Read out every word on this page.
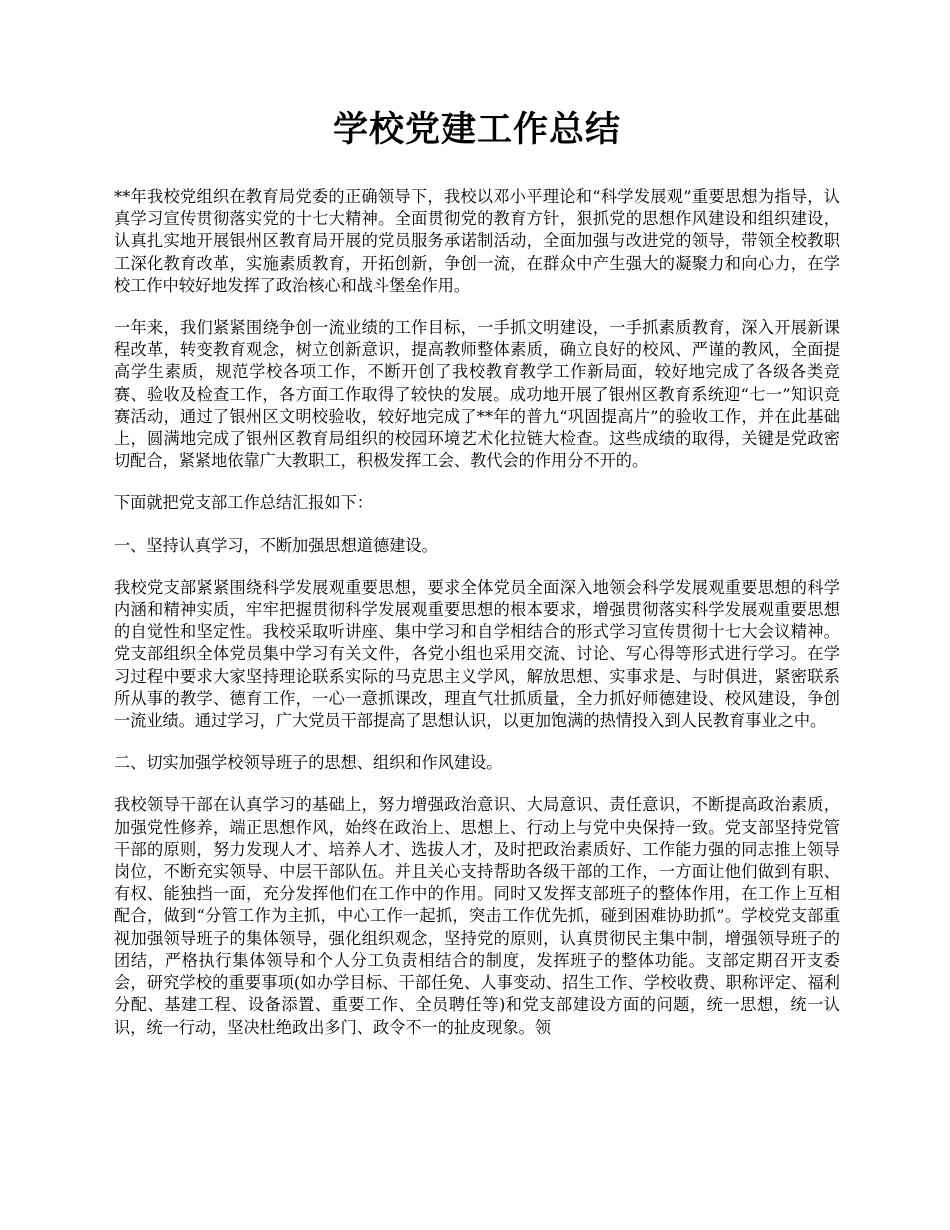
学校党建工作总结

**年我校党组织在教育局党委的正确领导下，我校以邓小平理论和“科学发展观”重要思想为指导，认真学习宣传贯彻落实党的十七大精神。全面贯彻党的教育方针，狠抓党的思想作风建设和组织建设，认真扎实地开展银州区教育局开展的党员服务承诺制活动，全面加强与改进党的领导，带领全校教职工深化教育改革，实施素质教育，开拓创新，争创一流，在群众中产生强大的凝聚力和向心力，在学校工作中较好地发挥了政治核心和战斗堡垒作用。

一年来，我们紧紧围绕争创一流业绩的工作目标，一手抓文明建设，一手抓素质教育，深入开展新课程改革，转变教育观念，树立创新意识，提高教师整体素质，确立良好的校风、严谨的教风，全面提高学生素质，规范学校各项工作，不断开创了我校教育教学工作新局面，较好地完成了各级各类竞赛、验收及检查工作，各方面工作取得了较快的发展。成功地开展了银州区教育系统迎“七一”知识竞赛活动，通过了银州区文明校验收，较好地完成了**年的普九“巩固提高片”的验收工作，并在此基础上，圆满地完成了银州区教育局组织的校园环境艺术化拉链大检查。这些成绩的取得，关键是党政密切配合，紧紧地依靠广大教职工，积极发挥工会、教代会的作用分不开的。

下面就把党支部工作总结汇报如下：

一、坚持认真学习，不断加强思想道德建设。

我校党支部紧紧围绕科学发展观重要思想，要求全体党员全面深入地领会科学发展观重要思想的科学内涵和精神实质，牢牢把握贯彻科学发展观重要思想的根本要求，增强贯彻落实科学发展观重要思想的自觉性和坚定性。我校采取听讲座、集中学习和自学相结合的形式学习宣传贯彻十七大会议精神。党支部组织全体党员集中学习有关文件，各党小组也采用交流、讨论、写心得等形式进行学习。在学习过程中要求大家坚持理论联系实际的马克思主义学风，解放思想、实事求是、与时俱进，紧密联系所从事的教学、德育工作，一心一意抓课改，理直气壮抓质量，全力抓好师德建设、校风建设，争创一流业绩。通过学习，广大党员干部提高了思想认识，以更加饱满的热情投入到人民教育事业之中。

二、切实加强学校领导班子的思想、组织和作风建设。

我校领导干部在认真学习的基础上，努力增强政治意识、大局意识、责任意识，不断提高政治素质，加强党性修养，端正思想作风，始终在政治上、思想上、行动上与党中央保持一致。党支部坚持党管干部的原则，努力发现人才、培养人才、选拔人才，及时把政治素质好、工作能力强的同志推上领导岗位，不断充实领导、中层干部队伍。并且关心支持帮助各级干部的工作，一方面让他们做到有职、有权、能独挡一面，充分发挥他们在工作中的作用。同时又发挥支部班子的整体作用，在工作上互相配合，做到“分管工作为主抓，中心工作一起抓，突击工作优先抓，碰到困难协助抓”。学校党支部重视加强领导班子的集体领导，强化组织观念，坚持党的原则，认真贯彻民主集中制，增强领导班子的团结，严格执行集体领导和个人分工负责相结合的制度，发挥班子的整体功能。支部定期召开支委会，研究学校的重要事项(如办学目标、干部任免、人事变动、招生工作、学校收费、职称评定、福利分配、基建工程、设备添置、重要工作、全员聘任等)和党支部建设方面的问题，统一思想，统一认识，统一行动，坚决杜绝政出多门、政令不一的扯皮现象。领
